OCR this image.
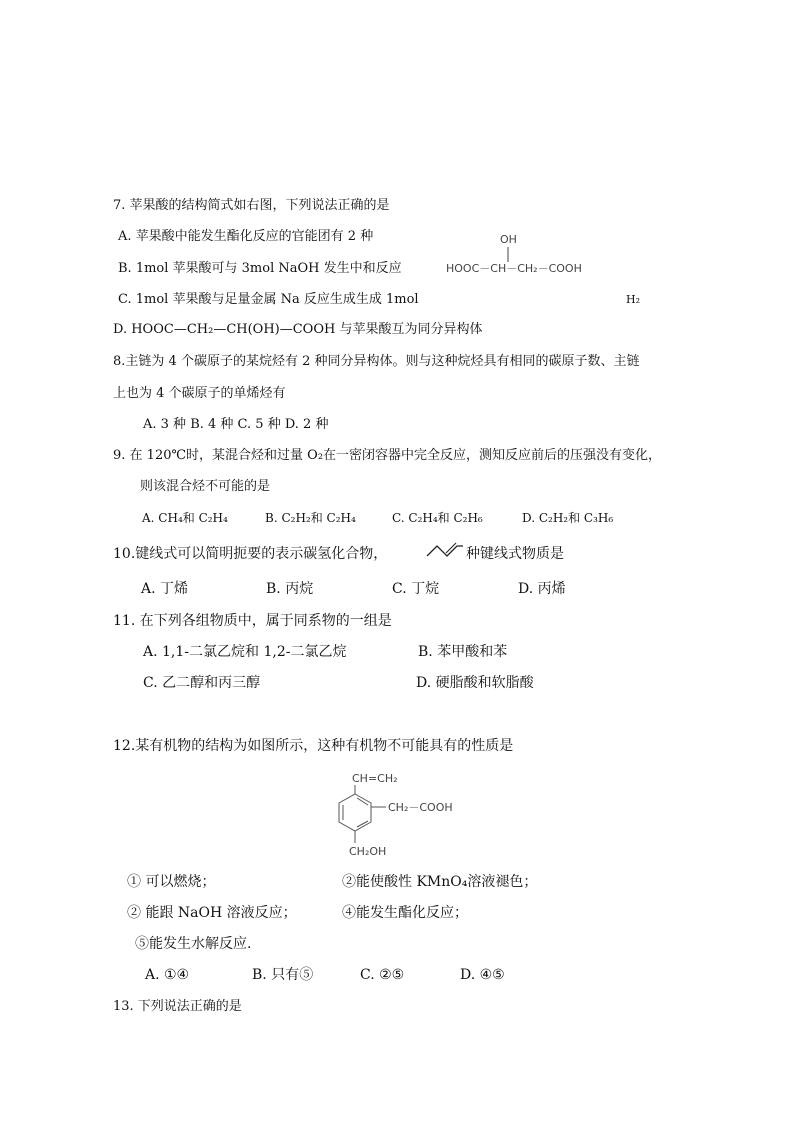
7. 苹果酸的结构简式如右图，下列说法正确的是
A. 苹果酸中能发生酯化反应的官能团有 2 种
B. 1mol 苹果酸可与 3mol NaOH 发生中和反应
C. 1mol 苹果酸与足量金属 Na 反应生成生成 1mol	H₂
D. HOOC—CH₂—CH(OH)—COOH 与苹果酸互为同分异构体
OH
HOOC－CH－CH₂－COOH
8.主链为 4 个碳原子的某烷烃有 2 种同分异构体。则与这种烷烃具有相同的碳原子数、主链
上也为 4 个碳原子的单烯烃有
A. 3 种 B. 4 种 C. 5 种 D. 2 种
9. 在 120℃时，某混合烃和过量 O₂在一密闭容器中完全反应，测知反应前后的压强没有变化，
则该混合烃不可能的是
A. CH₄和 C₂H₄	B. C₂H₂和 C₂H₄	C. C₂H₄和 C₂H₆	D. C₂H₂和 C₃H₆
10.键线式可以简明扼要的表示碳氢化合物，	种键线式物质是
A. 丁烯	B. 丙烷	C. 丁烷	D. 丙烯
11. 在下列各组物质中，属于同系物的一组是
A. 1,1-二氯乙烷和 1,2-二氯乙烷	B. 苯甲酸和苯
C. 乙二醇和丙三醇	D. 硬脂酸和软脂酸
12.某有机物的结构为如图所示，这种有机物不可能具有的性质是
CH=CH₂
CH₂－COOH
CH₂OH
① 可以燃烧；	②能使酸性 KMnO₄溶液褪色；
② 能跟 NaOH 溶液反应；	④能发生酯化反应；
⑤能发生水解反应.
A. ①④	B. 只有⑤	C. ②⑤	D. ④⑤
13. 下列说法正确的是
